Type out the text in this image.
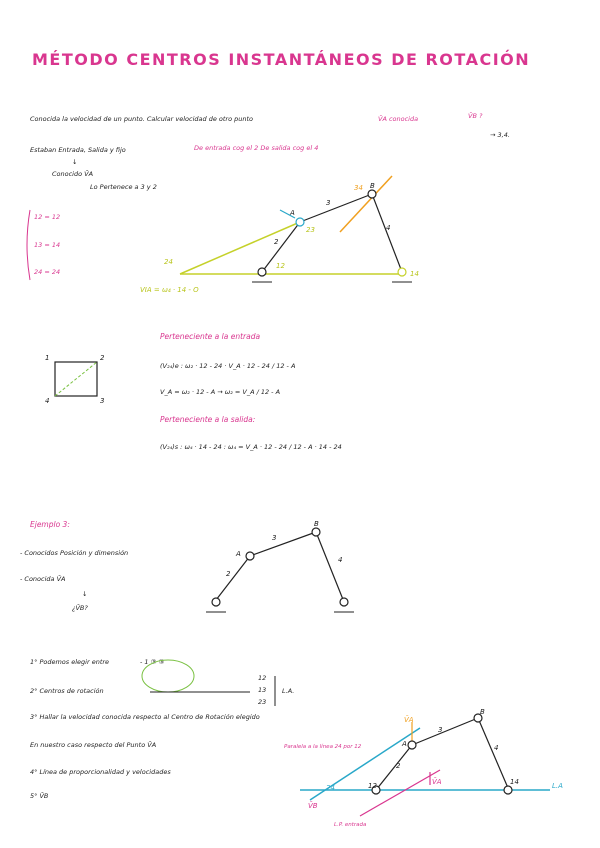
MÉTODO CENTROS INSTANTÁNEOS DE ROTACIÓN
Conocida la velocidad de un punto. Calcular velocidad de otro punto	V̄A conocida	V̄B ?
→ 3,4.
Estaban Entrada, Salida y fijo	De entrada cog el 2 De salida cog el 4
↓
Conocido V̄A
Lo Pertenece a 3 y 2
12 = 12
13 = 14
24 = 24
Perteneciente a la entrada
(V₂₄)e : ω₂ · 12 - 24 · V_A · 12 - 24 / 12 - A
V_A = ω₂ · 12 - A → ω₂ = V_A / 12 - A
Perteneciente a la salida:
(V₂₄)s : ω₄ · 14 - 24 : ω₄ = V_A · 12 - 24 / 12 - A · 14 - 24
Ejemplo 3:
- Conocidos Posición y dimensión
- Conocida V̄A
↓
¿V̄B?
1° Podemos elegir entre	- 1 ③ ③
2° Centros de rotación
12
13
23
L.A.
3° Hallar la velocidad conocida respecto al Centro de Rotación elegido
En nuestro caso respecto del Punto V̄A
4° Línea de proporcionalidad y velocidades
5° V̄B
A
B
3
4
2
23
12
14
24
34
VIA = ω₄ · 14 - O
1	2
3
4
A
B
2
3
4
A
B
2
3
4
12	14
24
V̄A
V̄A
V̄B
Paralela a la línea 24 por 12
L.A
L.P. entrada
